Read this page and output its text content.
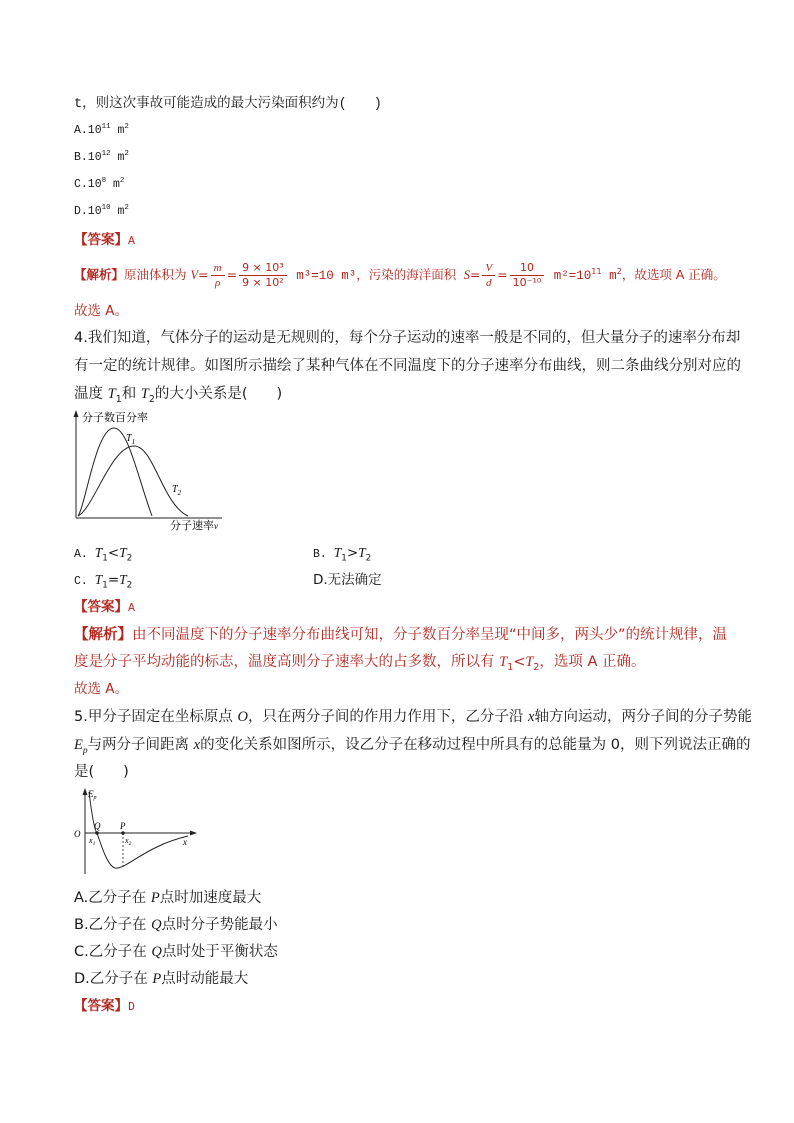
t，则这次事故可能造成的最大污染面积约为(　　)
$A.10^{11}$ $m^2$
$B.10^{12}$ $m^2$
$C.10^8$ $m^2$
$D.10^{10}$ $m^2$
【答案】A
【解析】原油体积为 $V= \frac{m}{\rho} = \frac{\text{9 × 10³}}{\text{9 × 10²}} m^3=10$ m³，污染的海洋面积 $S= \frac{V}{d} = \frac{10}{\text{10⁻¹⁰}} m^2=10^{11}$ $m^2$，故选项 A 正确。
故选 A。
4.我们知道，气体分子的运动是无规则的，每个分子运动的速率一般是不同的，但大量分子的速率分布却
有一定的统计规律。如图所示描绘了某种气体在不同温度下的分子速率分布曲线，则二条曲线分别对应的
温度 $T_1$和 $T_2$的大小关系是(　　)
分子数百分率
$T_1$
$T_2$
分子速率v
A. $T_1<T_2$	B. $T_1>T_2$
C. $T_1=T_2$	D.无法确定
【答案】A
【解析】由不同温度下的分子速率分布曲线可知，分子数百分率呈现“中间多，两头少”的统计规律，温
度是分子平均动能的标志，温度高则分子速率大的占多数，所以有 $T_1<T_2$，选项 A 正确。
故选 A。
5.甲分子固定在坐标原点 O，只在两分子间的作用力作用下，乙分子沿 x轴方向运动，两分子间的分子势能
$E_p$与两分子间距离 x的变化关系如图所示，设乙分子在移动过程中所具有的总能量为 0，则下列说法正确的
是(　　)
$E_p$
O
x
Q P
$x_1$	$x_2$
A.乙分子在 P点时加速度最大
B.乙分子在 Q点时分子势能最小
C.乙分子在 Q点时处于平衡状态
D.乙分子在 P点时动能最大
【答案】D
